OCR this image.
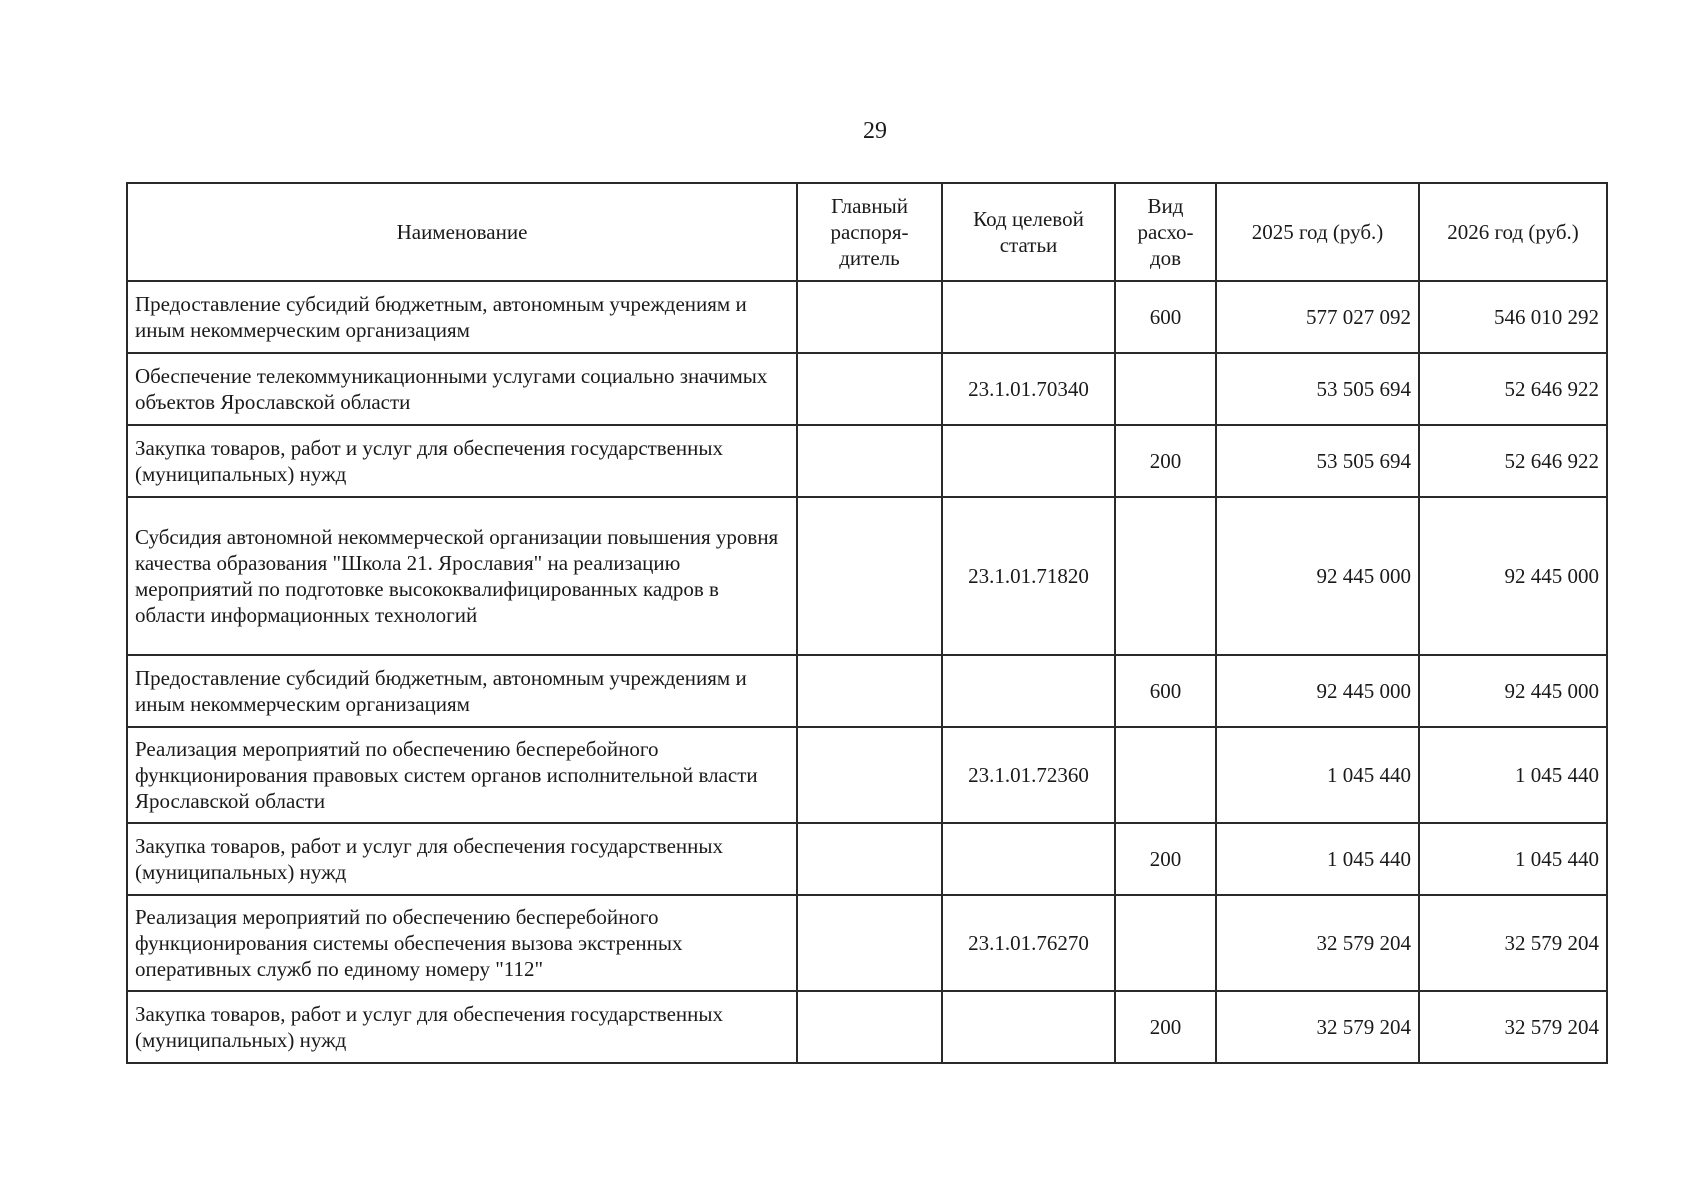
29
Наименование	Главный распоря- дитель	Код целевой статьи	Вид расхо- дов	2025 год (руб.)	2026 год (руб.)
Предоставление субсидий бюджетным, автономным учреждениям и иным некоммерческим организациям			600	577 027 092	546 010 292
Обеспечение телекоммуникационными услугами социально значимых объектов Ярославской области		23.1.01.70340		53 505 694	52 646 922
Закупка товаров, работ и услуг для обеспечения государственных (муниципальных) нужд			200	53 505 694	52 646 922
Субсидия автономной некоммерческой организации повышения уровня качества образования "Школа 21. Ярославия" на реализацию мероприятий по подготовке высококвалифицированных кадров в области информационных технологий		23.1.01.71820		92 445 000	92 445 000
Предоставление субсидий бюджетным, автономным учреждениям и иным некоммерческим организациям			600	92 445 000	92 445 000
Реализация мероприятий по обеспечению бесперебойного функционирования правовых систем органов исполнительной власти Ярославской области		23.1.01.72360		1 045 440	1 045 440
Закупка товаров, работ и услуг для обеспечения государственных (муниципальных) нужд			200	1 045 440	1 045 440
Реализация мероприятий по обеспечению бесперебойного функционирования системы обеспечения вызова экстренных оперативных служб по единому номеру "112"		23.1.01.76270		32 579 204	32 579 204
Закупка товаров, работ и услуг для обеспечения государственных (муниципальных) нужд			200	32 579 204	32 579 204
